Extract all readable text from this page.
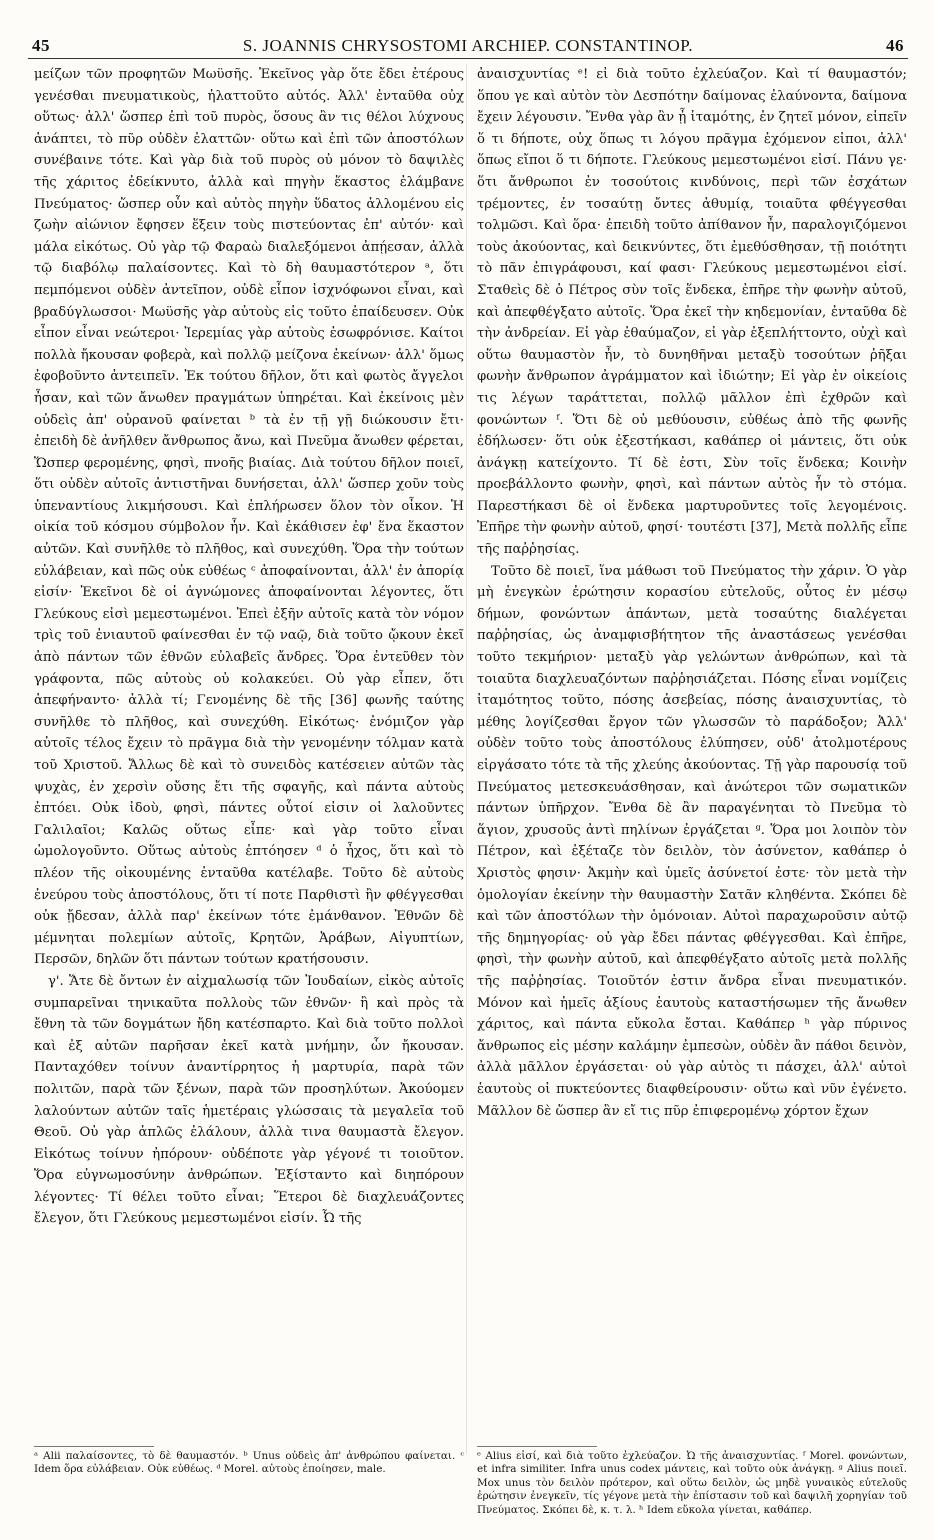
45	S. JOANNIS CHRYSOSTOMI ARCHIEP. CONSTANTINOP.	46

μείζων τῶν προφητῶν Μωϋσῆς. Ἐκεῖνος γὰρ ὅτε ἔδει ἑτέρους γενέσθαι πνευματικοὺς, ἠλαττοῦτο αὐτός. Ἀλλ' ἐνταῦθα οὐχ οὕτως· ἀλλ' ὥσπερ ἐπὶ τοῦ πυρὸς, ὅσους ἂν τις θέλοι λύχνους ἀνάπτει, τὸ πῦρ οὐδὲν ἐλαττῶν· οὕτω καὶ ἐπὶ τῶν ἀποστόλων συνέβαινε τότε. Καὶ γὰρ διὰ τοῦ πυρὸς οὐ μόνον τὸ δαψιλὲς τῆς χάριτος ἐδείκνυτο, ἀλλὰ καὶ πηγὴν ἕκαστος ἐλάμβανε Πνεύματος· ὥσπερ οὖν καὶ αὐτὸς πηγὴν ὕδατος ἀλλομένου εἰς ζωὴν αἰώνιον ἔφησεν ἕξειν τοὺς πιστεύοντας ἐπ' αὐτόν· καὶ μάλα εἰκότως. Οὐ γὰρ τῷ Φαραὼ διαλεξόμενοι ἀπῄεσαν, ἀλλὰ τῷ διαβόλῳ παλαίσοντες. Καὶ τὸ δὴ θαυμαστότερον ᵃ, ὅτι πεμπόμενοι οὐδὲν ἀντεῖπον, οὐδὲ εἶπον ἰσχνόφωνοι εἶναι, καὶ βραδύγλωσσοι· Μωϋσῆς γὰρ αὐτοὺς εἰς τοῦτο ἐπαίδευσεν. Οὐκ εἶπον εἶναι νεώτεροι· Ἱερεμίας γὰρ αὐτοὺς ἐσωφρόνισε. Καίτοι πολλὰ ἤκουσαν φοβερὰ, καὶ πολλῷ μείζονα ἐκείνων· ἀλλ' ὅμως ἐφοβοῦντο ἀντειπεῖν. Ἐκ τούτου δῆλον, ὅτι καὶ φωτὸς ἄγγελοι ἦσαν, καὶ τῶν ἄνωθεν πραγμάτων ὑπηρέται. Καὶ ἐκείνοις μὲν οὐδεὶς ἀπ' οὐρανοῦ φαίνεται ᵇ τὰ ἐν τῇ γῇ διώκουσιν ἔτι· ἐπειδὴ δὲ ἀνῆλθεν ἄνθρωπος ἄνω, καὶ Πνεῦμα ἄνωθεν φέρεται, Ὥσπερ φερομένης, φησὶ, πνοῆς βιαίας. Διὰ τούτου δῆλον ποιεῖ, ὅτι οὐδὲν αὐτοῖς ἀντιστῆναι δυνήσεται, ἀλλ' ὥσπερ χοῦν τοὺς ὑπεναντίους λικμήσουσι. Καὶ ἐπλήρωσεν ὅλον τὸν οἶκον. Ἡ οἰκία τοῦ κόσμου σύμβολον ἦν. Καὶ ἐκάθισεν ἐφ' ἕνα ἕκαστον αὐτῶν. Καὶ συνῆλθε τὸ πλῆθος, καὶ συνεχύθη. Ὅρα τὴν τούτων εὐλάβειαν, καὶ πῶς οὐκ εὐθέως ᶜ ἀποφαίνονται, ἀλλ' ἐν ἀπορίᾳ εἰσίν· Ἐκεῖνοι δὲ οἱ ἀγνώμονες ἀποφαίνονται λέγοντες, ὅτι Γλεύκους εἰσὶ μεμεστωμένοι. Ἐπεὶ ἐξῆν αὐτοῖς κατὰ τὸν νόμον τρὶς τοῦ ἐνιαυτοῦ φαίνεσθαι ἐν τῷ ναῷ, διὰ τοῦτο ᾤκουν ἐκεῖ ἀπὸ πάντων τῶν ἐθνῶν εὐλαβεῖς ἄνδρες. Ὅρα ἐντεῦθεν τὸν γράφοντα, πῶς αὐτοὺς οὐ κολακεύει. Οὐ γὰρ εἶπεν, ὅτι ἀπεφήναντο· ἀλλὰ τί; Γενομένης δὲ τῆς [36] φωνῆς ταύτης συνῆλθε τὸ πλῆθος, καὶ συνεχύθη. Εἰκότως· ἐνόμιζον γὰρ αὐτοῖς τέλος ἔχειν τὸ πρᾶγμα διὰ τὴν γενομένην τόλμαν κατὰ τοῦ Χριστοῦ. Ἄλλως δὲ καὶ τὸ συνειδὸς κατέσειεν αὐτῶν τὰς ψυχὰς, ἐν χερσὶν οὔσης ἔτι τῆς σφαγῆς, καὶ πάντα αὐτοὺς ἐπτόει. Οὐκ ἰδοὺ, φησὶ, πάντες οὗτοί εἰσιν οἱ λαλοῦντες Γαλιλαῖοι; Καλῶς οὕτως εἶπε· καὶ γὰρ τοῦτο εἶναι ὡμολογοῦντο. Οὕτως αὐτοὺς ἐπτόησεν ᵈ ὁ ἦχος, ὅτι καὶ τὸ πλέον τῆς οἰκουμένης ἐνταῦθα κατέλαβε. Τοῦτο δὲ αὐτοὺς ἐνεύρου τοὺς ἀποστόλους, ὅτι τί ποτε Παρθιστὶ ἢν φθέγγεσθαι οὐκ ᾔδεσαν, ἀλλὰ παρ' ἐκείνων τότε ἐμάνθανον. Ἐθνῶν δὲ μέμνηται πολεμίων αὐτοῖς, Κρητῶν, Ἀράβων, Αἰγυπτίων, Περσῶν, δηλῶν ὅτι πάντων τούτων κρατήσουσιν.

γ'. Ἅτε δὲ ὄντων ἐν αἰχμαλωσίᾳ τῶν Ἰουδαίων, εἰκὸς αὐτοῖς συμπαρεῖναι τηνικαῦτα πολλοὺς τῶν ἐθνῶν· ἢ καὶ πρὸς τὰ ἔθνη τὰ τῶν δογμάτων ἤδη κατέσπαρτο. Καὶ διὰ τοῦτο πολλοὶ καὶ ἐξ αὐτῶν παρῆσαν ἐκεῖ κατὰ μνήμην, ὧν ἤκουσαν. Πανταχόθεν τοίνυν ἀναντίρρητος ἡ μαρτυρία, παρὰ τῶν πολιτῶν, παρὰ τῶν ξένων, παρὰ τῶν προσηλύτων. Ἀκούομεν λαλούντων αὐτῶν ταῖς ἡμετέραις γλώσσαις τὰ μεγαλεῖα τοῦ Θεοῦ. Οὐ γὰρ ἁπλῶς ἐλάλουν, ἀλλὰ τινα θαυμαστὰ ἔλεγον. Εἰκότως τοίνυν ἠπόρουν· οὐδέποτε γὰρ γέγονέ τι τοιοῦτον. Ὅρα εὐγνωμοσύνην ἀνθρώπων. Ἐξίσταντο καὶ διηπόρουν λέγοντες· Τί θέλει τοῦτο εἶναι; Ἕτεροι δὲ διαχλευάζοντες ἔλεγον, ὅτι Γλεύκους μεμεστωμένοι εἰσίν. Ὦ τῆς

ἀναισχυντίας ᵉ! εἰ διὰ τοῦτο ἐχλεύαζον. Καὶ τί θαυμαστόν; ὅπου γε καὶ αὐτὸν τὸν Δεσπότην δαίμονας ἐλαύνοντα, δαίμονα ἔχειν λέγουσιν. Ἔνθα γὰρ ἂν ᾖ ἰταμότης, ἐν ζητεῖ μόνον, εἰπεῖν ὅ τι δήποτε, οὐχ ὅπως τι λόγου πρᾶγμα ἐχόμενον εἰποι, ἀλλ' ὅπως εἴποι ὅ τι δήποτε. Γλεύκους μεμεστωμένοι εἰσί. Πάνυ γε· ὅτι ἄνθρωποι ἐν τοσούτοις κινδύνοις, περὶ τῶν ἐσχάτων τρέμοντες, ἐν τοσαύτῃ ὄντες ἀθυμίᾳ, τοιαῦτα φθέγγεσθαι τολμῶσι. Καὶ ὅρα· ἐπειδὴ τοῦτο ἀπίθανον ἦν, παραλογιζόμενοι τοὺς ἀκούοντας, καὶ δεικνύντες, ὅτι ἐμεθύσθησαν, τῇ ποιότητι τὸ πᾶν ἐπιγράφουσι, καί φασι· Γλεύκους μεμεστωμένοι εἰσί. Σταθεὶς δὲ ὁ Πέτρος σὺν τοῖς ἕνδεκα, ἐπῆρε τὴν φωνὴν αὐτοῦ, καὶ ἀπεφθέγξατο αὐτοῖς. Ὅρα ἐκεῖ τὴν κηδεμονίαν, ἐνταῦθα δὲ τὴν ἀνδρείαν. Εἰ γὰρ ἐθαύμαζον, εἰ γὰρ ἐξεπλήττοντο, οὐχὶ καὶ οὕτω θαυμαστὸν ἦν, τὸ δυνηθῆναι μεταξὺ τοσούτων ῥῆξαι φωνὴν ἄνθρωπον ἀγράμματον καὶ ἰδιώτην; Εἰ γὰρ ἐν οἰκείοις τις λέγων ταράττεται, πολλῷ μᾶλλον ἐπὶ ἐχθρῶν καὶ φονώντων ᶠ. Ὅτι δὲ οὐ μεθύουσιν, εὐθέως ἀπὸ τῆς φωνῆς ἐδήλωσεν· ὅτι οὐκ ἐξεστήκασι, καθάπερ οἱ μάντεις, ὅτι οὐκ ἀνάγκῃ κατείχοντο. Τί δὲ ἐστι, Σὺν τοῖς ἕνδεκα; Κοινὴν προεβάλλοντο φωνὴν, φησὶ, καὶ πάντων αὐτὸς ἦν τὸ στόμα. Παρεστήκασι δὲ οἱ ἕνδεκα μαρτυροῦντες τοῖς λεγομένοις. Ἐπῆρε τὴν φωνὴν αὐτοῦ, φησί· τουτέστι [37], Μετὰ πολλῆς εἶπε τῆς παῤῥησίας.

Τοῦτο δὲ ποιεῖ, ἵνα μάθωσι τοῦ Πνεύματος τὴν χάριν. Ὁ γὰρ μὴ ἐνεγκὼν ἐρώτησιν κορασίου εὐτελοῦς, οὗτος ἐν μέσῳ δήμων, φονώντων ἁπάντων, μετὰ τοσαύτης διαλέγεται παῤῥησίας, ὡς ἀναμφισβήτητον τῆς ἀναστάσεως γενέσθαι τοῦτο τεκμήριον· μεταξὺ γὰρ γελώντων ἀνθρώπων, καὶ τὰ τοιαῦτα διαχλευαζόντων παῤῥησιάζεται. Πόσης εἶναι νομίζεις ἰταμότητος τοῦτο, πόσης ἀσεβείας, πόσης ἀναισχυντίας, τὸ μέθης λογίζεσθαι ἔργον τῶν γλωσσῶν τὸ παράδοξον; Ἀλλ' οὐδὲν τοῦτο τοὺς ἀποστόλους ἐλύπησεν, οὐδ' ἀτολμοτέρους εἰργάσατο τότε τὰ τῆς χλεύης ἀκούοντας. Τῇ γὰρ παρουσίᾳ τοῦ Πνεύματος μετεσκευάσθησαν, καὶ ἀνώτεροι τῶν σωματικῶν πάντων ὑπῆρχον. Ἔνθα δὲ ἂν παραγένηται τὸ Πνεῦμα τὸ ἅγιον, χρυσοῦς ἀντὶ πηλίνων ἐργάζεται ᵍ. Ὅρα μοι λοιπὸν τὸν Πέτρον, καὶ ἐξέταζε τὸν δειλὸν, τὸν ἀσύνετον, καθάπερ ὁ Χριστὸς φησιν· Ἀκμὴν καὶ ὑμεῖς ἀσύνετοί ἐστε· τὸν μετὰ τὴν ὁμολογίαν ἐκείνην τὴν θαυμαστὴν Σατᾶν κληθέντα. Σκόπει δὲ καὶ τῶν ἀποστόλων τὴν ὁμόνοιαν. Αὐτοὶ παραχωροῦσιν αὐτῷ τῆς δημηγορίας· οὐ γὰρ ἔδει πάντας φθέγγεσθαι. Καὶ ἐπῆρε, φησὶ, τὴν φωνὴν αὐτοῦ, καὶ ἀπεφθέγξατο αὐτοῖς μετὰ πολλῆς τῆς παῤῥησίας. Τοιοῦτόν ἐστιν ἄνδρα εἶναι πνευματικόν. Μόνον καὶ ἡμεῖς ἀξίους ἑαυτοὺς καταστήσωμεν τῆς ἄνωθεν χάριτος, καὶ πάντα εὔκολα ἔσται. Καθάπερ ʰ γὰρ πύρινος ἄνθρωπος εἰς μέσην καλάμην ἐμπεσὼν, οὐδὲν ἂν πάθοι δεινὸν, ἀλλὰ μᾶλλον ἐργάσεται· οὐ γὰρ αὐτὸς τι πάσχει, ἀλλ' αὐτοὶ ἑαυτοὺς οἱ πυκτεύοντες διαφθείρουσιν· οὕτω καὶ νῦν ἐγένετο. Μᾶλλον δὲ ὥσπερ ἂν εἴ τις πῦρ ἐπιφερομένῳ χόρτον ἔχων

ᵃ Alii παλαίσοντες, τὸ δὲ θαυμαστόν. ᵇ Unus οὐδεὶς ἀπ' ἀνθρώπου φαίνεται. ᶜ Idem ὅρα εὐλάβειαν. Οὐκ εὐθέως. ᵈ Morel. αὐτοὺς ἐποίησεν, male.
ᵉ Alius εἰσί, καὶ διὰ τοῦτο ἐχλεύαζον. Ὦ τῆς ἀναισχυντίας. ᶠ Morel. φονώντων, et infra similiter. Infra unus codex μάντεις, καὶ τοῦτο οὐκ ἀνάγκῃ. ᵍ Alius ποιεῖ. Mox unus τὸν δειλὸν πρότερον, καὶ οὕτω δειλὸν, ὡς μηδὲ γυναικὸς εὐτελοῦς ἐρώτησιν ἐνεγκεῖν, τίς γέγονε μετὰ τὴν ἐπίστασιν τοῦ καὶ δαψιλῆ χορηγίαν τοῦ Πνεύματος. Σκόπει δὲ, κ. τ. λ. ʰ Idem εὔκολα γίνεται, καθάπερ.
